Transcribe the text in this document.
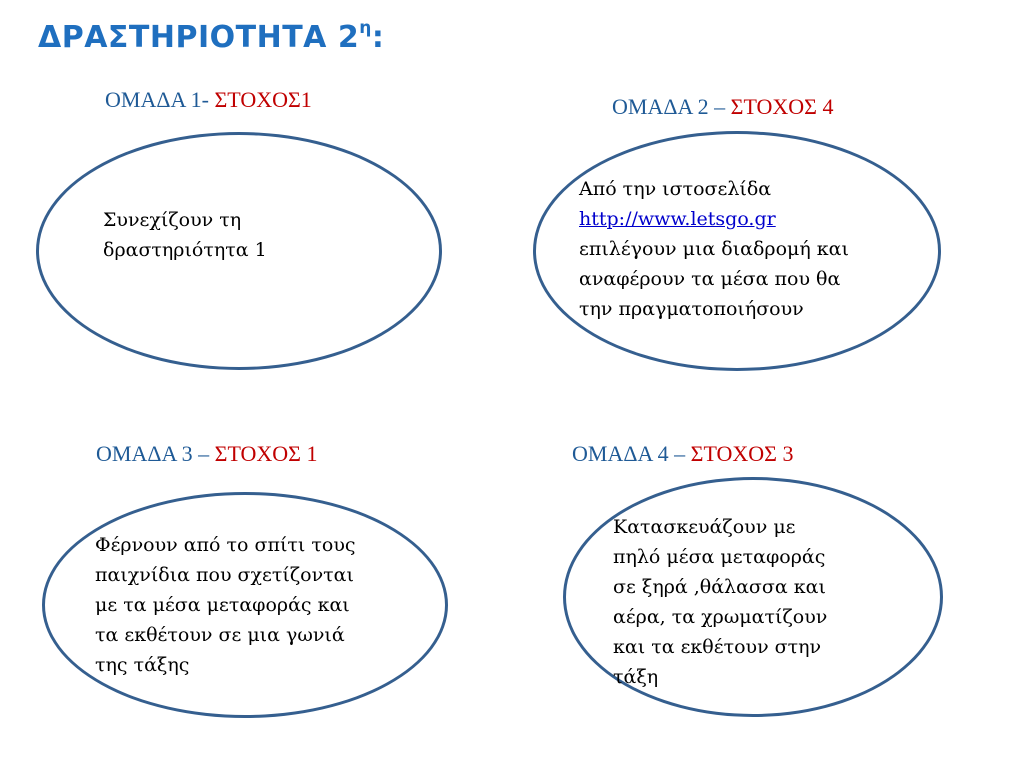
ΔΡΑΣΤΗΡΙΟΤΗΤΑ $2^\eta$:
ΟΜΑΔΑ 1- ΣΤΟΧΟΣ1

Συνεχίζουν τη

δραστηριότητα 1

ΟΜΑΔΑ 2 – ΣΤΟΧΟΣ 4

Από την ιστοσελίδα

http://www.letsgo.gr

επιλέγουν μια διαδρομή και

αναφέρουν τα μέσα που θα

την πραγματοποιήσουν

ΟΜΑΔΑ 3 – ΣΤΟΧΟΣ 1

Φέρνουν από το σπίτι τους

παιχνίδια που σχετίζονται

με τα μέσα μεταφοράς και

τα εκθέτουν σε μια γωνιά

της τάξης

ΟΜΑΔΑ 4 – ΣΤΟΧΟΣ 3

Κατασκευάζουν με

πηλό μέσα μεταφοράς

σε ξηρά ,θάλασσα και

αέρα, τα χρωματίζουν

και τα εκθέτουν στην

τάξη
